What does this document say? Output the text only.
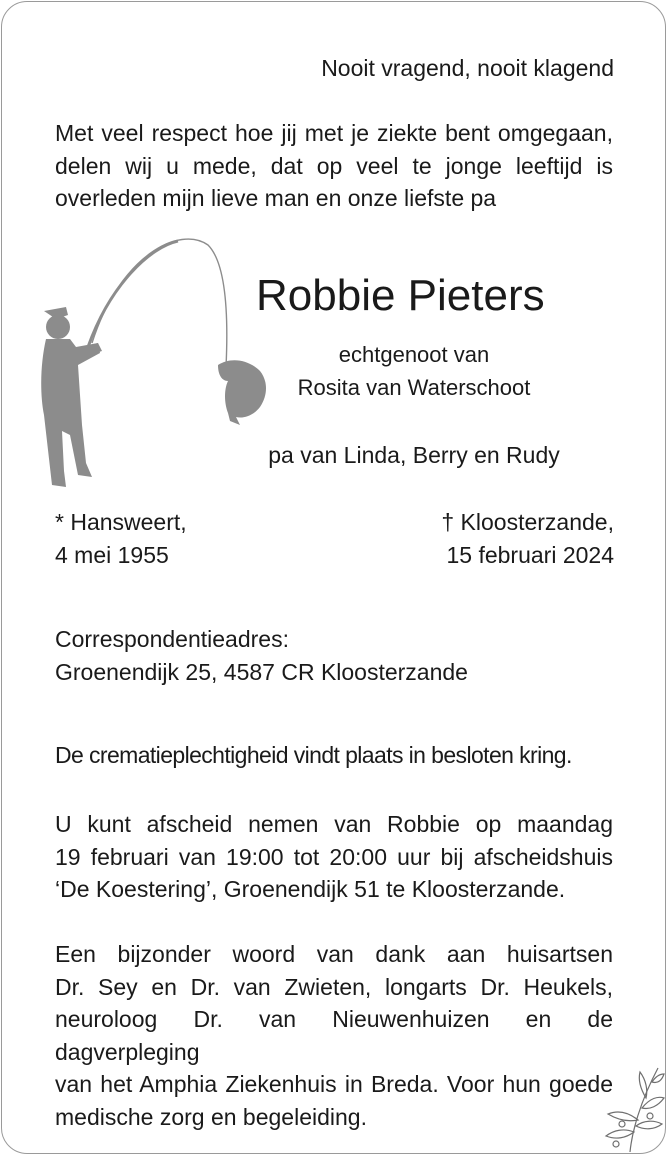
Nooit vragend, nooit klagend
Met veel respect hoe jij met je ziekte bent omgegaan,
delen wij u mede, dat op veel te jonge leeftijd is
overleden mijn lieve man en onze liefste pa
Robbie Pieters
echtgenoot van
Rosita van Waterschoot
pa van Linda, Berry en Rudy
* Hansweert,
4 mei 1955
† Kloosterzande,
15 februari 2024
Correspondentieadres:
Groenendijk 25, 4587 CR Kloosterzande
De crematieplechtigheid vindt plaats in besloten kring.
U kunt afscheid nemen van Robbie op maandag
19 februari van 19:00 tot 20:00 uur bij afscheidshuis
‘De Koestering’, Groenendijk 51 te Kloosterzande.
Een bijzonder woord van dank aan huisartsen
Dr. Sey en Dr. van Zwieten, longarts Dr. Heukels,
neuroloog Dr. van Nieuwenhuizen en de dagverpleging
van het Amphia Ziekenhuis in Breda. Voor hun goede
medische zorg en begeleiding.
